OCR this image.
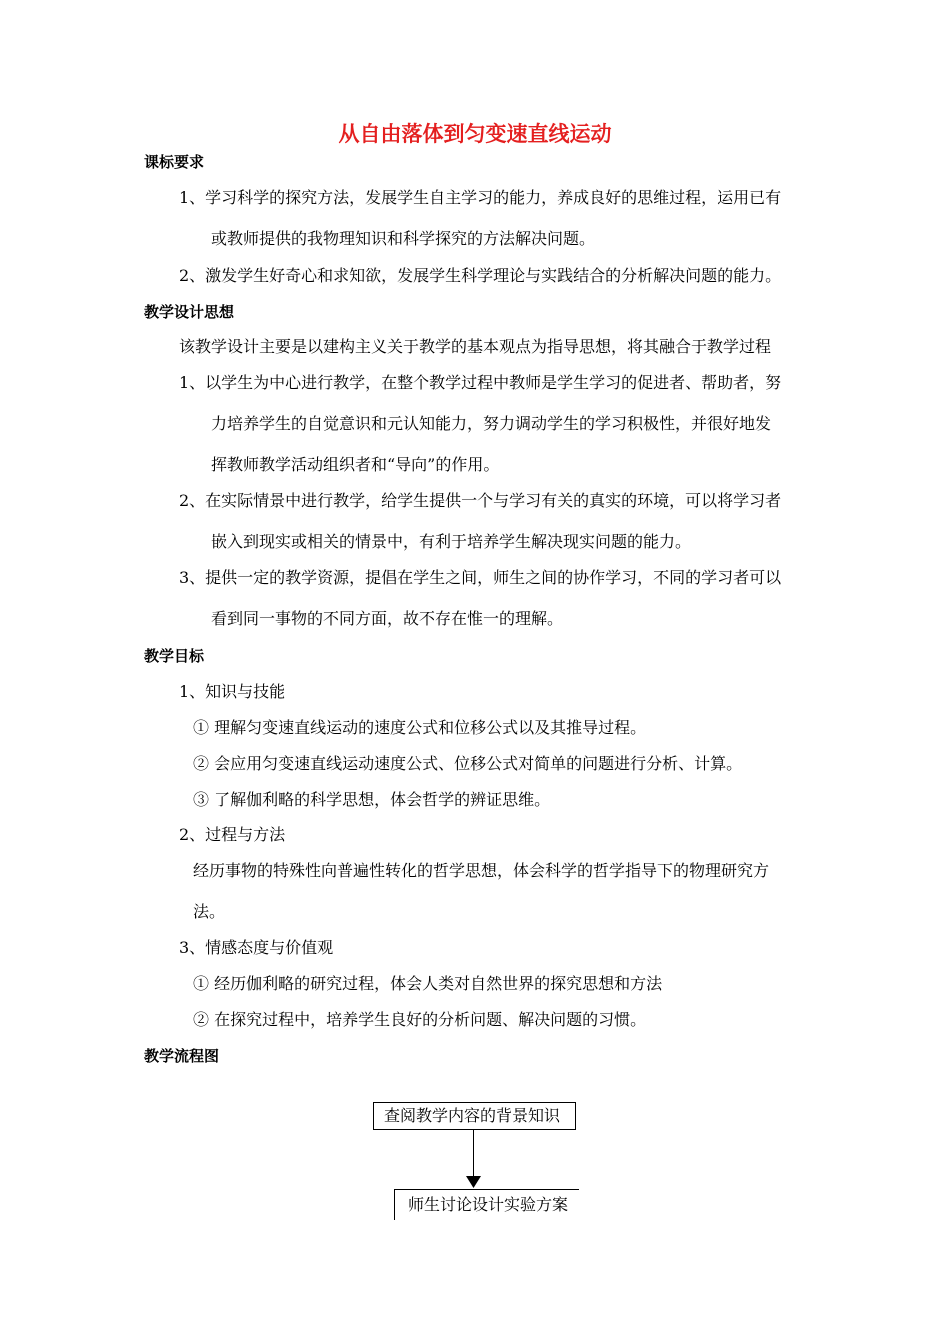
从自由落体到匀变速直线运动
课标要求
1、学习科学的探究方法，发展学生自主学习的能力，养成良好的思维过程，运用已有
或教师提供的我物理知识和科学探究的方法解决问题。
2、激发学生好奇心和求知欲，发展学生科学理论与实践结合的分析解决问题的能力。
教学设计思想
该教学设计主要是以建构主义关于教学的基本观点为指导思想，将其融合于教学过程
1、以学生为中心进行教学，在整个教学过程中教师是学生学习的促进者、帮助者，努
力培养学生的自觉意识和元认知能力，努力调动学生的学习积极性，并很好地发
挥教师教学活动组织者和“导向”的作用。
2、在实际情景中进行教学，给学生提供一个与学习有关的真实的环境，可以将学习者
嵌入到现实或相关的情景中，有利于培养学生解决现实问题的能力。
3、提供一定的教学资源，提倡在学生之间，师生之间的协作学习，不同的学习者可以
看到同一事物的不同方面，故不存在惟一的理解。
教学目标
1、知识与技能
① 理解匀变速直线运动的速度公式和位移公式以及其推导过程。
② 会应用匀变速直线运动速度公式、位移公式对简单的问题进行分析、计算。
③ 了解伽利略的科学思想，体会哲学的辨证思维。
2、过程与方法
经历事物的特殊性向普遍性转化的哲学思想，体会科学的哲学指导下的物理研究方
法。
3、情感态度与价值观
① 经历伽利略的研究过程，体会人类对自然世界的探究思想和方法
② 在探究过程中，培养学生良好的分析问题、解决问题的习惯。
教学流程图
查阅教学内容的背景知识
师生讨论设计实验方案
